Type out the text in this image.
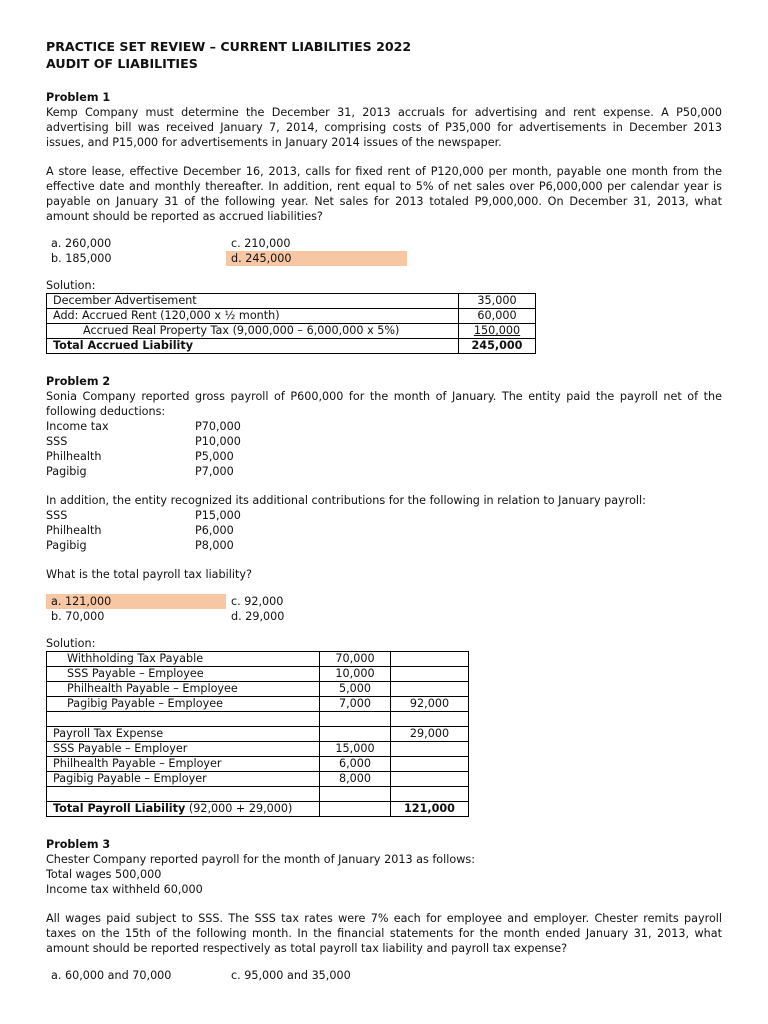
PRACTICE SET REVIEW – CURRENT LIABILITIES 2022
AUDIT OF LIABILITIES
Problem 1

Kemp Company must determine the December 31, 2013 accruals for advertising and rent expense. A P50,000 advertising bill was received January 7, 2014, comprising costs of P35,000 for advertisements in December 2013 issues, and P15,000 for advertisements in January 2014 issues of the newspaper.

A store lease, effective December 16, 2013, calls for fixed rent of P120,000 per month, payable one month from the effective date and monthly thereafter. In addition, rent equal to 5% of net sales over P6,000,000 per calendar year is payable on January 31 of the following year. Net sales for 2013 totaled P9,000,000. On December 31, 2013, what amount should be reported as accrued liabilities?

a. 260,000
b. 185,000
c. 210,000
d. 245,000
Solution:
December Advertisement	35,000
Add: Accrued Rent (120,000 x ½ month)	60,000
Accrued Real Property Tax (9,000,000 – 6,000,000 x 5%)	150,000
Total Accrued Liability	245,000
Problem 2

Sonia Company reported gross payroll of P600,000 for the month of January. The entity paid the payroll net of the following deductions:

Income tax	P70,000
SSS	P10,000
Philhealth	P5,000
Pagibig	P7,000

In addition, the entity recognized its additional contributions for the following in relation to January payroll:

SSS	P15,000
Philhealth	P6,000
Pagibig	P8,000

What is the total payroll tax liability?

a. 121,000
b. 70,000
c. 92,000
d. 29,000
Solution:
Withholding Tax Payable	70,000	
SSS Payable – Employee	10,000	
Philhealth Payable – Employee	5,000	
Pagibig Payable – Employee	7,000	92,000

Payroll Tax Expense		29,000
SSS Payable – Employer	15,000	
Philhealth Payable – Employer	6,000	
Pagibig Payable – Employer	8,000	

Total Payroll Liability (92,000 + 29,000)		121,000
Problem 3

Chester Company reported payroll for the month of January 2013 as follows:

Total wages 500,000

Income tax withheld 60,000

All wages paid subject to SSS. The SSS tax rates were 7% each for employee and employer. Chester remits payroll taxes on the 15th of the following month. In the financial statements for the month ended January 31, 2013, what amount should be reported respectively as total payroll tax liability and payroll tax expense?

a. 60,000 and 70,000	c. 95,000 and 35,000
